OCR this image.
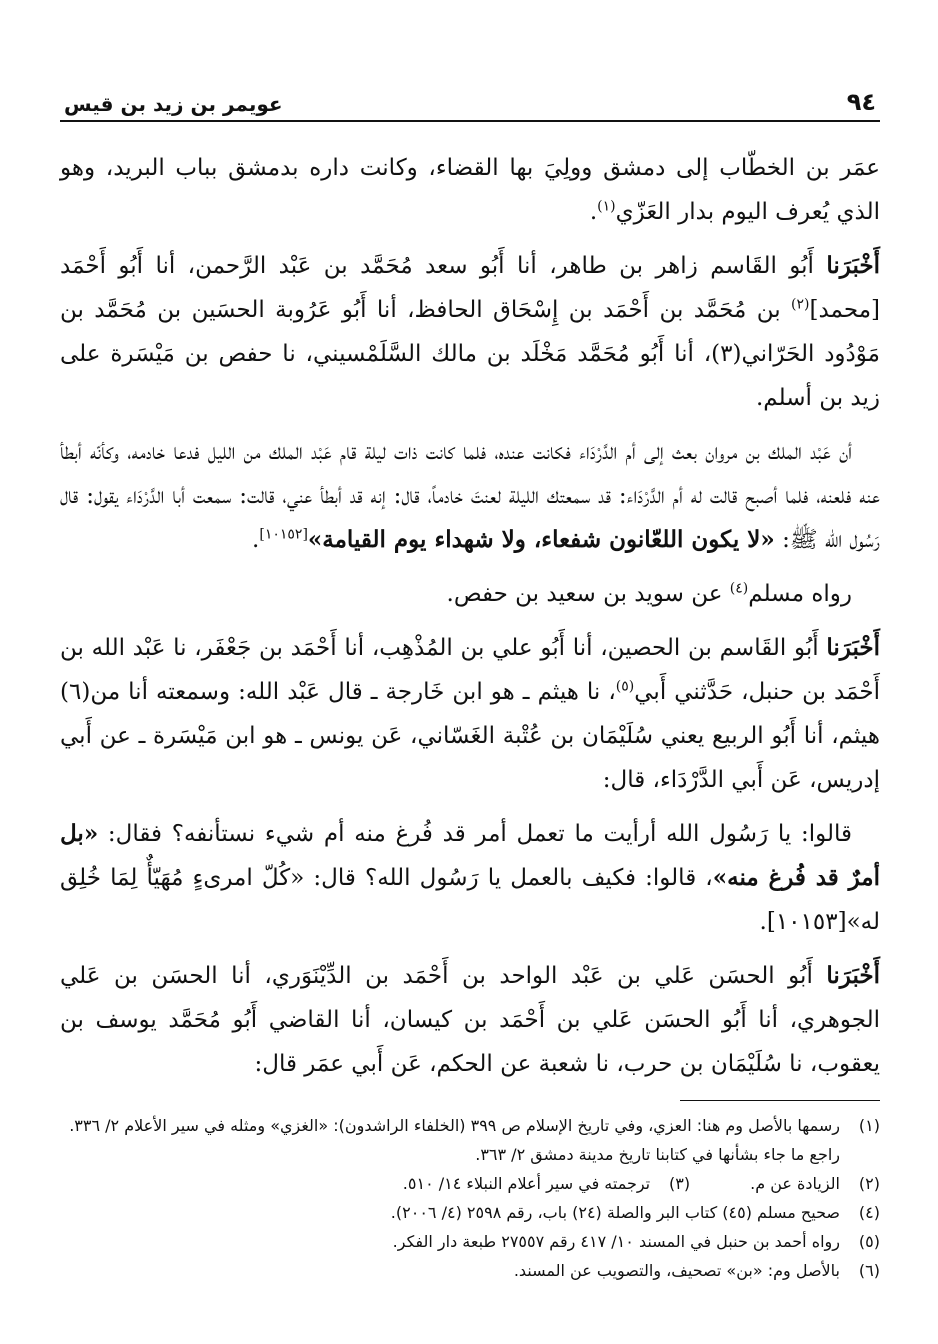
٩٤
عويمر بن زيد بن قيس

عمَر بن الخطّاب إلى دمشق وولِيَ بها القضاء، وكانت داره بدمشق بباب البريد، وهو الذي يُعرف اليوم بدار العَزّي$^{(١)}$.

أَخْبَرَنا أَبُو القَاسم زاهر بن طاهر، أنا أَبُو سعد مُحَمَّد بن عَبْد الرَّحمن، أنا أَبُو أَحْمَد [محمد]$^{(٢)}$ بن مُحَمَّد بن أَحْمَد بن إِسْحَاق الحافظ، أنا أَبُو عَرُوبة الحسَين بن مُحَمَّد بن مَوْدُود الحَرّاني(٣)، أنا أَبُو مُحَمَّد مَخْلَد بن مالك السَّلَمْسيني، نا حفص بن مَيْسَرة على زيد بن أسلم.

أن عَبْد الملك بن مروان بعث إلى أم الدَّرْدَاء فكانت عنده، فلما كانت ذات ليلة قام عَبْد الملك من الليل فدعا خادمه، وكأنّه أبطأ عنه فلعنه، فلما أصبح قالت له أم الدَّرْدَاء: قد سمعتك الليلة لعنتَ خادماً، قال: إنه قد أبطأ عني، قالت: سمعت أبا الدَّرْدَاء يقول: قال رَسُول الله ﷺ: «لا يكون اللعّانون شفعاء، ولا شهداء يوم القيامة»[١٠١٥٢].

رواه مسلم$^{(٤)}$ عن سويد بن سعيد بن حفص.

أَخْبَرَنا أَبُو القَاسم بن الحصين، أنا أَبُو علي بن المُذْهِب، أنا أَحْمَد بن جَعْفَر، نا عَبْد الله بن أَحْمَد بن حنبل، حَدَّثني أَبي$^{(٥)}$، نا هيثم ـ هو ابن خَارجة ـ قال عَبْد الله: وسمعته أنا من(٦) هيثم، أنا أَبُو الربيع يعني سُلَيْمَان بن عُتْبة الغَسّاني، عَن يونس ـ هو ابن مَيْسَرة ـ عن أَبي إدريس، عَن أَبي الدَّرْدَاء، قال:

قالوا: يا رَسُول الله أرأيت ما تعمل أمر قد فُرغ منه أم شيء نستأنفه؟ فقال: «بل أمرٌ قد فُرغ منه»، قالوا: فكيف بالعمل يا رَسُول الله؟ قال: «كُلّ امرىءٍ مُهَيّأٌ لِمَا خُلِق له»[١٠١٥٣].

أَخْبَرَنا أَبُو الحسَن عَلي بن عَبْد الواحد بن أَحْمَد بن الدِّيْنَوَري، أنا الحسَن بن عَلي الجوهري، أنا أَبُو الحسَن عَلي بن أَحْمَد بن كيسان، أنا القاضي أَبُو مُحَمَّد يوسف بن يعقوب، نا سُلَيْمَان بن حرب، نا شعبة عن الحكم، عَن أَبي عمَر قال:

(١)
رسمها بالأصل وم هنا: العزي، وفي تاريخ الإسلام ص ٣٩٩ (الخلفاء الراشدون): «الغزي» ومثله في سير الأعلام ٢/ ٣٣٦. راجع ما جاء بشأنها في كتابنا تاريخ مدينة دمشق ٢/ ٣٦٣.
(٢)
الزيادة عن م.
(٣)
ترجمته في سير أعلام النبلاء ١٤/ ٥١٠.
(٤)
صحيح مسلم (٤٥) كتاب البر والصلة (٢٤) باب، رقم ٢٥٩٨ (٤/ ٢٠٠٦).
(٥)
رواه أحمد بن حنبل في المسند ١٠/ ٤١٧ رقم ٢٧٥٥٧ طبعة دار الفكر.
(٦)
بالأصل وم: «بن» تصحيف، والتصويب عن المسند.
